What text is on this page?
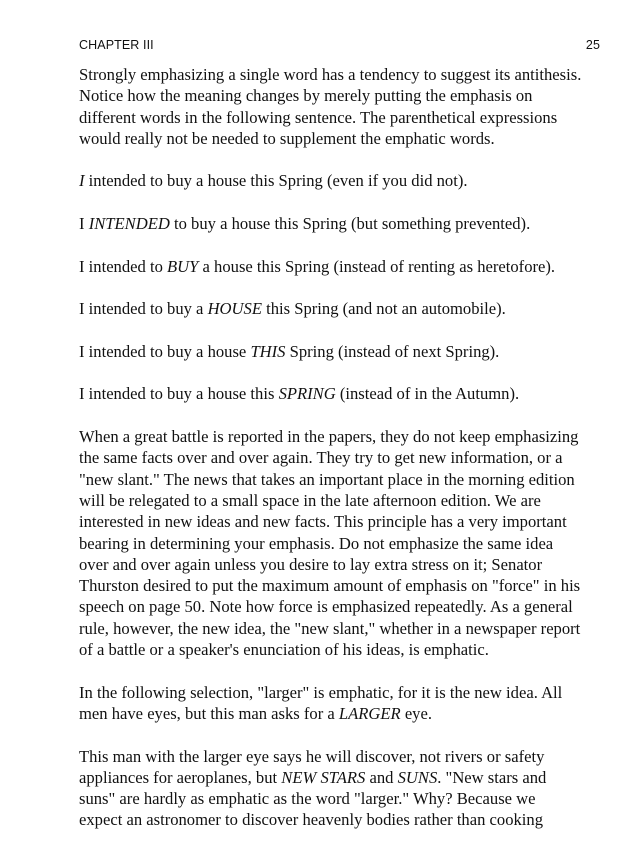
CHAPTER III	25

Strongly emphasizing a single word has a tendency to suggest its antithesis.
Notice how the meaning changes by merely putting the emphasis on
different words in the following sentence. The parenthetical expressions
would really not be needed to supplement the emphatic words.

I intended to buy a house this Spring (even if you did not).

I INTENDED to buy a house this Spring (but something prevented).

I intended to BUY a house this Spring (instead of renting as heretofore).

I intended to buy a HOUSE this Spring (and not an automobile).

I intended to buy a house THIS Spring (instead of next Spring).

I intended to buy a house this SPRING (instead of in the Autumn).

When a great battle is reported in the papers, they do not keep emphasizing
the same facts over and over again. They try to get new information, or a
"new slant." The news that takes an important place in the morning edition
will be relegated to a small space in the late afternoon edition. We are
interested in new ideas and new facts. This principle has a very important
bearing in determining your emphasis. Do not emphasize the same idea
over and over again unless you desire to lay extra stress on it; Senator
Thurston desired to put the maximum amount of emphasis on "force" in his
speech on page 50. Note how force is emphasized repeatedly. As a general
rule, however, the new idea, the "new slant," whether in a newspaper report
of a battle or a speaker's enunciation of his ideas, is emphatic.

In the following selection, "larger" is emphatic, for it is the new idea. All
men have eyes, but this man asks for a LARGER eye.

This man with the larger eye says he will discover, not rivers or safety
appliances for aeroplanes, but NEW STARS and SUNS. "New stars and
suns" are hardly as emphatic as the word "larger." Why? Because we
expect an astronomer to discover heavenly bodies rather than cooking
